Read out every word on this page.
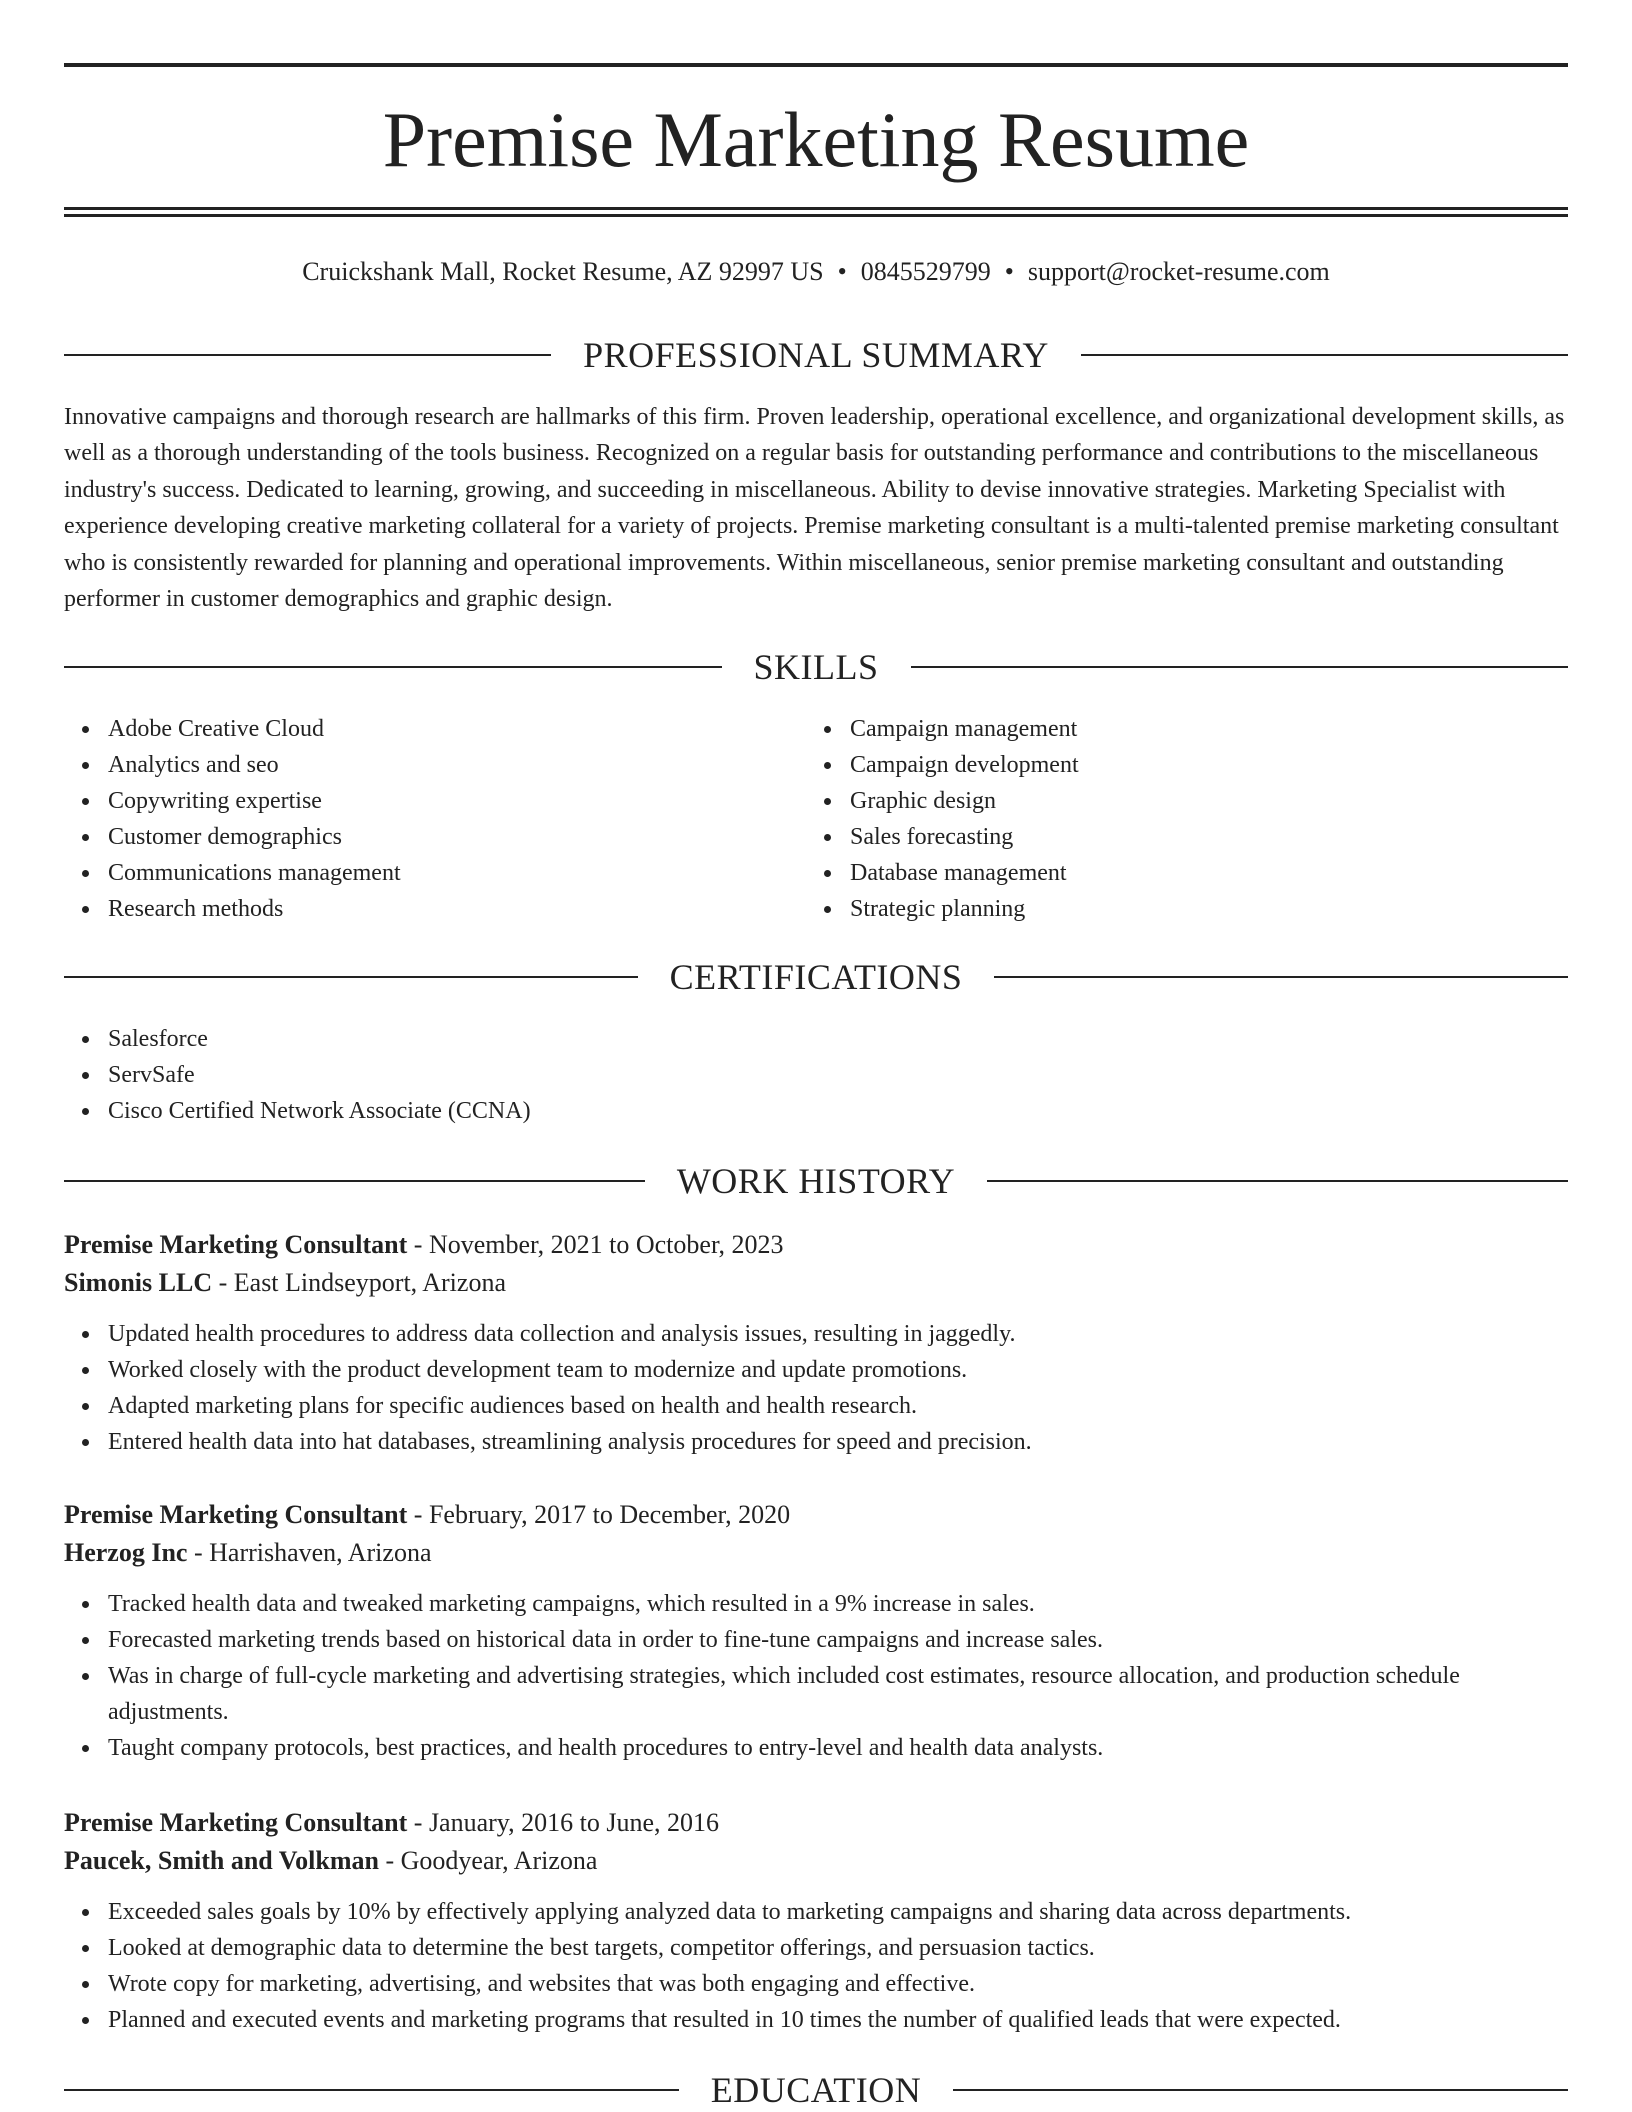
Premise Marketing Resume
Cruickshank Mall, Rocket Resume, AZ 92997 US • 0845529799 • support@rocket-resume.com
PROFESSIONAL SUMMARY

Innovative campaigns and thorough research are hallmarks of this firm. Proven leadership, operational excellence, and organizational development skills, as well as a thorough understanding of the tools business. Recognized on a regular basis for outstanding performance and contributions to the miscellaneous industry's success. Dedicated to learning, growing, and succeeding in miscellaneous. Ability to devise innovative strategies. Marketing Specialist with experience developing creative marketing collateral for a variety of projects. Premise marketing consultant is a multi-talented premise marketing consultant who is consistently rewarded for planning and operational improvements. Within miscellaneous, senior premise marketing consultant and outstanding performer in customer demographics and graphic design.

SKILLS
Adobe Creative Cloud
Analytics and seo
Copywriting expertise
Customer demographics
Communications management
Research methods
Campaign management
Campaign development
Graphic design
Sales forecasting
Database management
Strategic planning
CERTIFICATIONS
Salesforce
ServSafe
Cisco Certified Network Associate (CCNA)
WORK HISTORY

Premise Marketing Consultant - November, 2021 to October, 2023

Simonis LLC - East Lindseyport, Arizona

Updated health procedures to address data collection and analysis issues, resulting in jaggedly.
Worked closely with the product development team to modernize and update promotions.
Adapted marketing plans for specific audiences based on health and health research.
Entered health data into hat databases, streamlining analysis procedures for speed and precision.

Premise Marketing Consultant - February, 2017 to December, 2020

Herzog Inc - Harrishaven, Arizona

Tracked health data and tweaked marketing campaigns, which resulted in a 9% increase in sales.
Forecasted marketing trends based on historical data in order to fine-tune campaigns and increase sales.
Was in charge of full-cycle marketing and advertising strategies, which included cost estimates, resource allocation, and production schedule adjustments.
Taught company protocols, best practices, and health procedures to entry-level and health data analysts.

Premise Marketing Consultant - January, 2016 to June, 2016

Paucek, Smith and Volkman - Goodyear, Arizona

Exceeded sales goals by 10% by effectively applying analyzed data to marketing campaigns and sharing data across departments.
Looked at demographic data to determine the best targets, competitor offerings, and persuasion tactics.
Wrote copy for marketing, advertising, and websites that was both engaging and effective.
Planned and executed events and marketing programs that resulted in 10 times the number of qualified leads that were expected.
EDUCATION
